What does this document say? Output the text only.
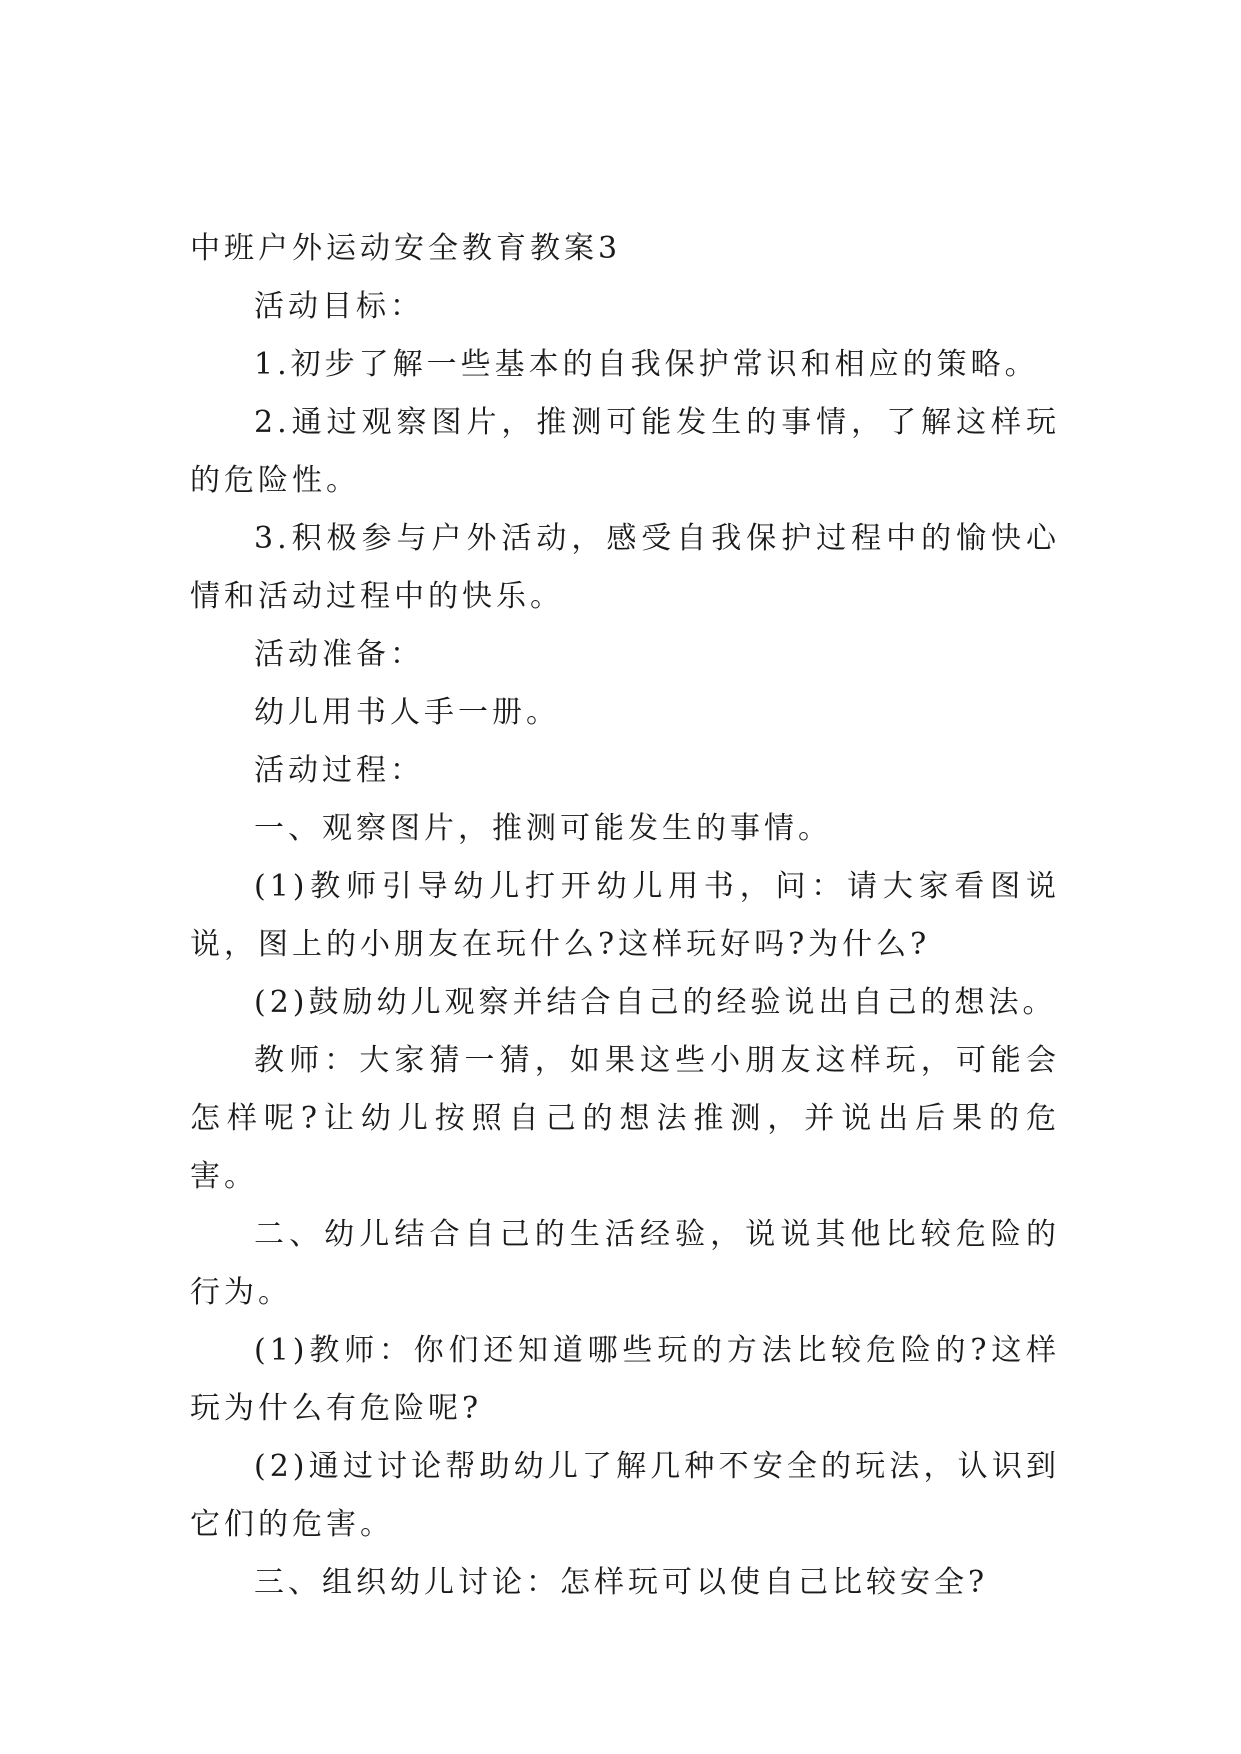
中班户外运动安全教育教案3

活动目标：

1.初步了解一些基本的自我保护常识和相应的策略。

2.通过观察图片，推测可能发生的事情，了解这样玩的危险性。

3.积极参与户外活动，感受自我保护过程中的愉快心情和活动过程中的快乐。

活动准备：

幼儿用书人手一册。

活动过程：

一、观察图片，推测可能发生的事情。

(1)教师引导幼儿打开幼儿用书，问：请大家看图说说，图上的小朋友在玩什么?这样玩好吗?为什么?

(2)鼓励幼儿观察并结合自己的经验说出自己的想法。

教师：大家猜一猜，如果这些小朋友这样玩，可能会怎样呢?让幼儿按照自己的想法推测，并说出后果的危害。

二、幼儿结合自己的生活经验，说说其他比较危险的行为。

(1)教师：你们还知道哪些玩的方法比较危险的?这样玩为什么有危险呢?

(2)通过讨论帮助幼儿了解几种不安全的玩法，认识到它们的危害。

三、组织幼儿讨论：怎样玩可以使自己比较安全?
